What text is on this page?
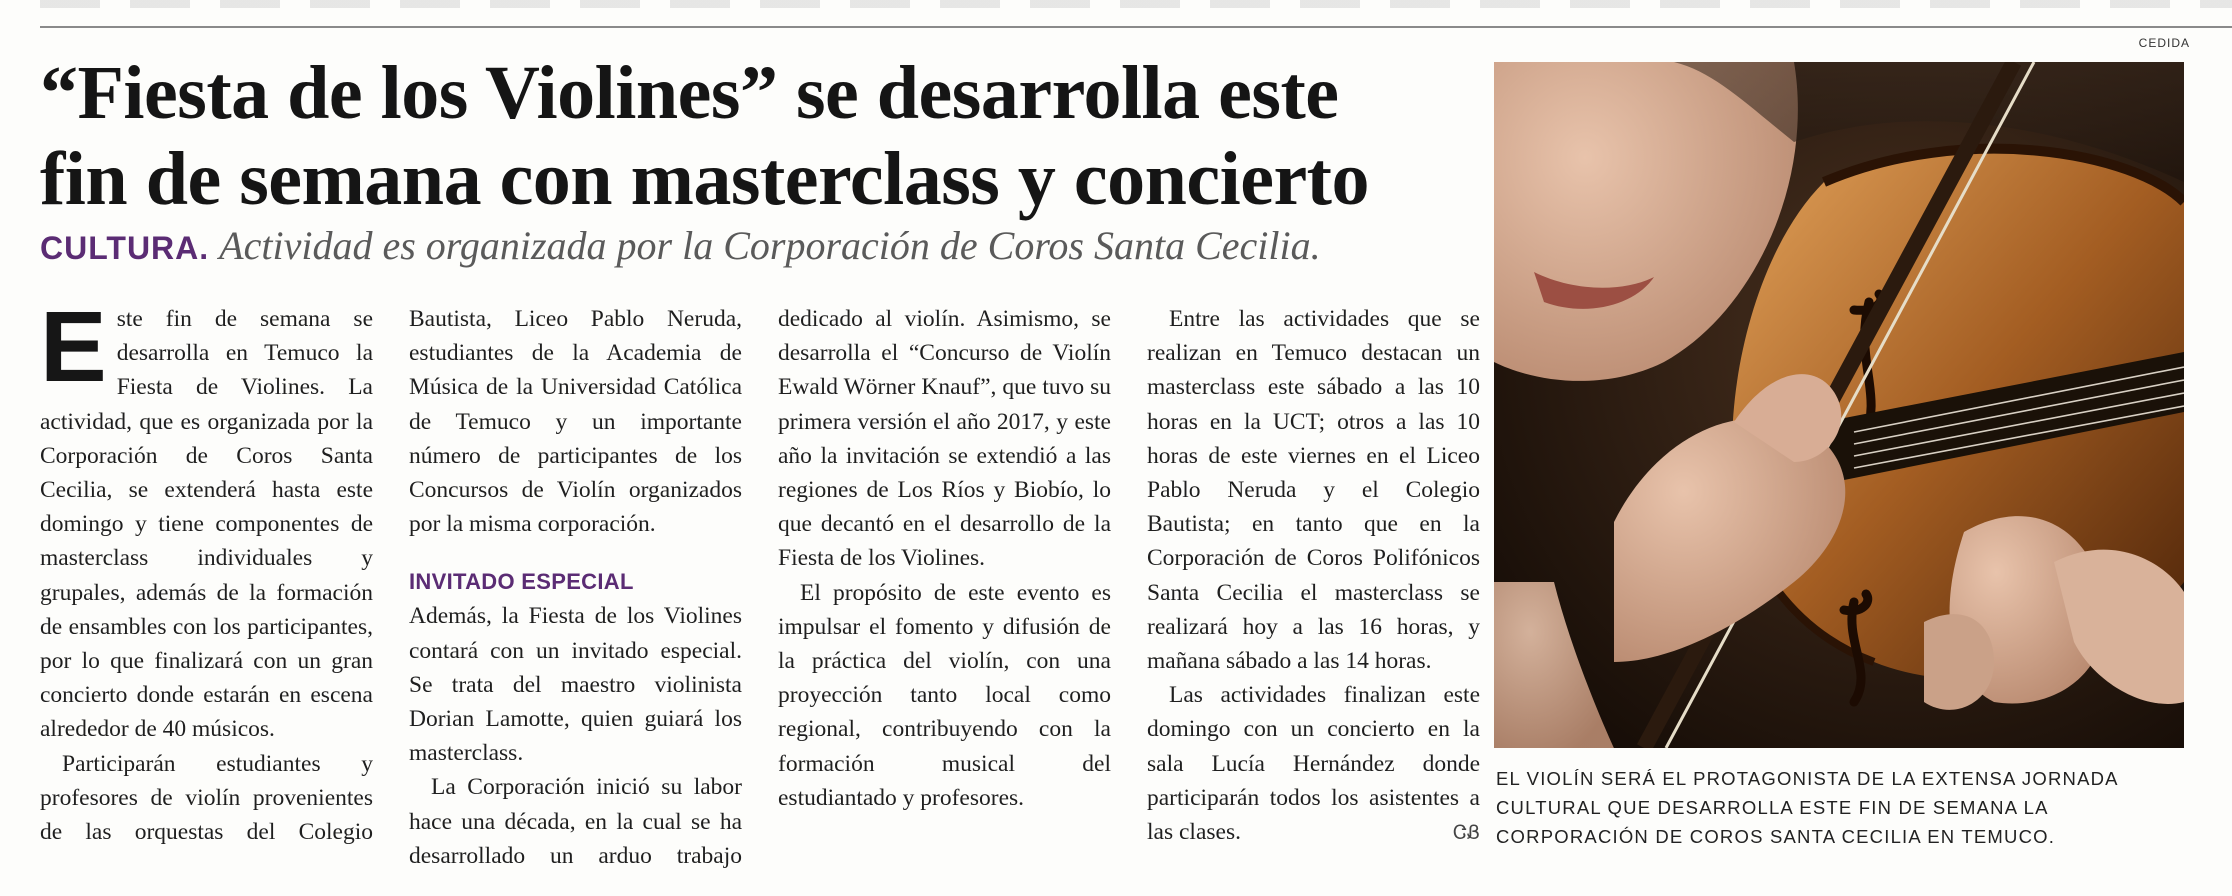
“Fiesta de los Violines” se desarrolla este
fin de semana con masterclass y concierto
CULTURA. Actividad es organizada por la Corporación de Coros Santa Cecilia.

Este fin de semana se desarrolla en Temuco la Fiesta de Violines. La actividad, que es organizada por la Corporación de Coros Santa Cecilia, se extenderá hasta este domingo y tiene componentes de masterclass individuales y grupales, además de la formación de ensambles con los participantes, por lo que finalizará con un gran concierto donde estarán en escena alrededor de 40 músicos.

Participarán estudiantes y profesores de violín provenientes de las orquestas del Colegio Bautista, Liceo Pablo Neruda, estudiantes de la Academia de Música de la Universidad Católica de Temuco y un importante número de participantes de los Concursos de Violín organizados por la misma corporación.

INVITADO ESPECIAL

Además, la Fiesta de los Violines contará con un invitado especial. Se trata del maestro violinista Dorian Lamotte, quien guiará los masterclass.

La Corporación inició su labor hace una década, en la cual se ha desarrollado un arduo trabajo dedicado al violín. Asimismo, se desarrolla el “Concurso de Violín Ewald Wörner Knauf”, que tuvo su primera versión el año 2017, y este año la invitación se extendió a las regiones de Los Ríos y Biobío, lo que decantó en el desarrollo de la Fiesta de los Violines.

El propósito de este evento es impulsar el fomento y difusión de la práctica del violín, con una proyección tanto local como regional, contribuyendo con la formación musical del estudiantado y profesores.

Entre las actividades que se realizan en Temuco destacan un masterclass este sábado a las 10 horas en la UCT; otros a las 10 horas de este viernes en el Liceo Pablo Neruda y el Colegio Bautista; en tanto que en la Corporación de Coros Polifónicos Santa Cecilia el masterclass se realizará hoy a las 16 horas, y mañana sábado a las 14 horas.

Las actividades finalizan este domingo con un concierto en la sala Lucía Hernández donde participarán todos los asistentes a las clases.	ᏣᏰ

CEDIDA
EL VIOLÍN SERÁ EL PROTAGONISTA DE LA EXTENSA JORNADA CULTURAL QUE DESARROLLA ESTE FIN DE SEMANA LA CORPORACIÓN DE COROS SANTA CECILIA EN TEMUCO.
